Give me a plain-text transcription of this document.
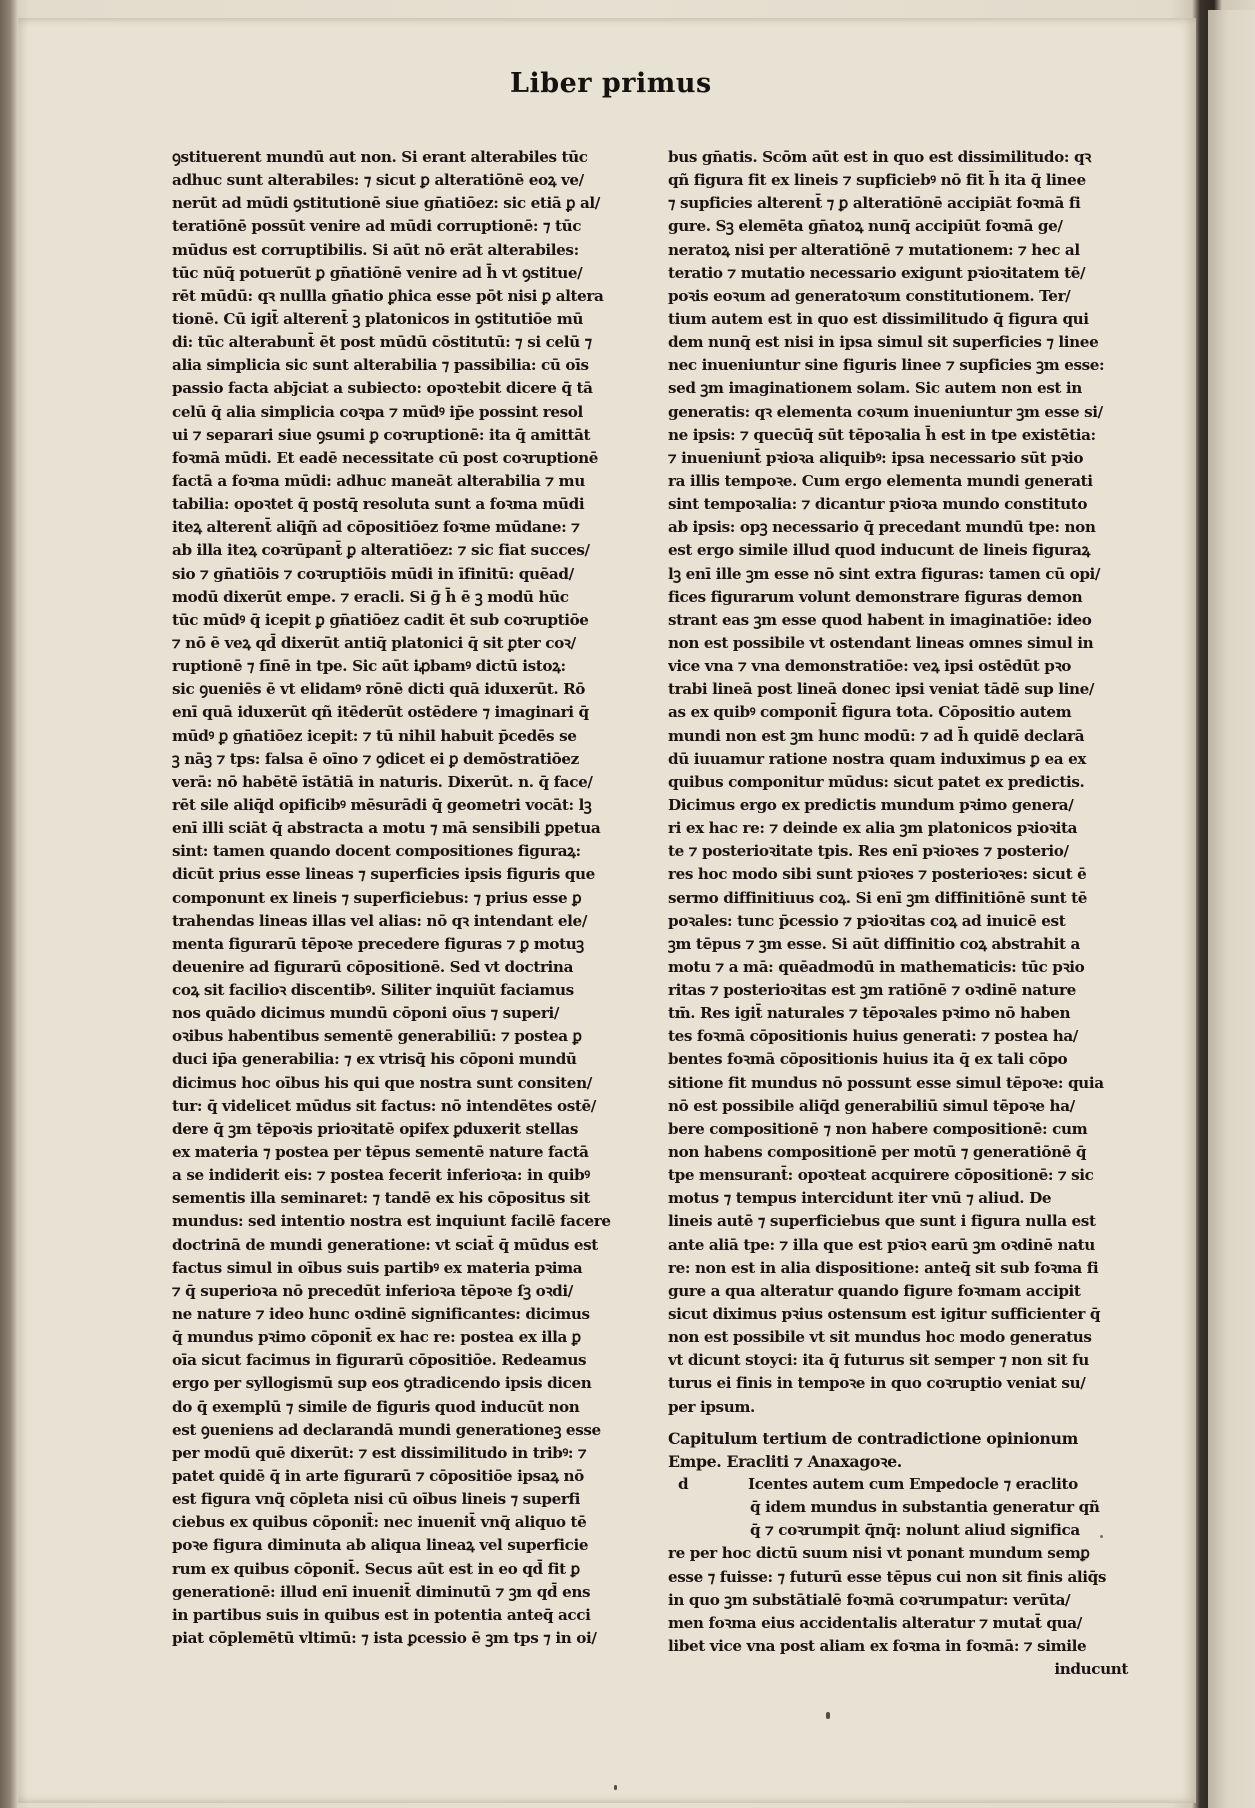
Liber primus
ꝯstituerent mundū aut non. Si erant alterabiles tūc
adhuc sunt alterabiles: ⁊ sicut ꝑ alteratiōnē eoꝝ ve/
nerūt ad mūdi ꝯstitutionē siue gn̄atiōez: sic etiā ꝑ al/
teratiōnē possūt venire ad mūdi corruptionē: ⁊ tūc
mūdus est corruptibilis. Si aūt nō erāt alterabiles:
tūc nūq̄ potuerūt ꝑ gn̄atiōnē venire ad h̄ vt ꝯstitue/
rēt mūdū: qꝛ nullla gn̄atio ꝑhica esse pōt nisi ꝑ altera
tionē. Cū igit̄ alterent̄ ꝫ platonicos in ꝯstitutiōe mū
di: tūc alterabunt̄ ēt post mūdū cōstitutū: ⁊ si celū ⁊
alia simplicia sic sunt alterabilia ⁊ passibilia: cū oīs
passio facta abȷ̄ciat a subiecto: opoꝛtebit dicere q̄ tā
celū q̄ alia simplicia coꝛpa ⁊ mūdꝰ ip̄e possint resol
ui ⁊ separari siue ꝯsumi ꝑ coꝛruptionē: ita q̄ amittāt
foꝛmā mūdi. Et eadē necessitate cū post coꝛruptionē
factā a foꝛma mūdi: adhuc maneāt alterabilia ⁊ mu
tabilia: opoꝛtet q̄ postq̄ resoluta sunt a foꝛma mūdi
iteꝝ alterent̄ aliq̄ñ ad cōpositiōez foꝛme mūdane: ⁊
ab illa iteꝝ coꝛrūpant̄ ꝑ alteratiōez: ⁊ sic fiat succes/
sio ⁊ gn̄atiōis ⁊ coꝛruptiōis mūdi in īfinitū: quēad/
modū dixerūt empe. ⁊ eracli. Si ḡ h̄ ē ꝫ modū hūc
tūc mūdꝰ q̄ icepit ꝑ gn̄atiōez cadit ēt sub coꝛruptiōe
⁊ nō ē veꝝ qd̄ dixerūt antiq̄ platonici q̄ sit ꝑter coꝛ/
ruptionē ⁊ fīnē in tpe. Sic aūt iꝓbamꝰ dictū istoꝝ:
sic ꝯueniēs ē vt elidamꝰ rōnē dicti quā iduxerūt. Rō
enī quā iduxerūt qñ itēderūt ostēdere ⁊ imaginari q̄
mūdꝰ ꝑ gn̄atiōez icepit: ⁊ tū nihil habuit p̄cedēs se
ꝫ nāꝫ ⁊ tps: falsa ē oīno ⁊ ꝯdicet ei ꝑ demōstratiōez
verā: nō habētē īstātiā in naturis. Dixerūt. n. q̄ face/
rēt sile aliq̄d opificibꝰ mēsurādi q̄ geometri vocāt: lꝫ
enī illi sciāt q̄ abstracta a motu ⁊ mā sensibili ꝑpetua
sint: tamen quando docent compositiones figuraꝝ:
dicūt prius esse lineas ⁊ superficies ipsis figuris que
componunt ex lineis ⁊ superficiebus: ⁊ prius esse ꝑ
trahendas lineas illas vel alias: nō qꝛ intendant ele/
menta figurarū tēpoꝛe precedere figuras ⁊ ꝑ motuꝫ
deuenire ad figurarū cōpositionē. Sed vt doctrina
coꝝ sit facilioꝛ discentibꝰ. Siliter inquiūt faciamus
nos quādo dicimus mundū cōponi oīus ⁊ superi/
oꝛibus habentibus sementē generabiliū: ⁊ postea ꝑ
duci ip̄a generabilia: ⁊ ex vtrisq̄ his cōponi mundū
dicimus hoc oībus his qui que nostra sunt consiten/
tur: q̄ videlicet mūdus sit factus: nō intendētes ostē/
dere q̄ ꝫm tēpoꝛis prioꝛitatē opifex ꝑduxerit stellas
ex materia ⁊ postea per tēpus sementē nature factā
a se indiderit eis: ⁊ postea fecerit inferioꝛa: in quibꝰ
sementis illa seminaret: ⁊ tandē ex his cōpositus sit
mundus: sed intentio nostra est inquiunt facilē facere
doctrinā de mundi generatione: vt sciat̄ q̄ mūdus est
factus simul in oībus suis partibꝰ ex materia pꝛima
⁊ q̄ superioꝛa nō precedūt inferioꝛa tēpoꝛe ſꝫ oꝛdi/
ne nature ⁊ ideo hunc oꝛdinē significantes: dicimus
q̄ mundus pꝛimo cōponit̄ ex hac re: postea ex illa ꝑ
oīa sicut facimus in figurarū cōpositiōe. Redeamus
ergo per syllogismū sup eos ꝯtradicendo ipsis dicen
do q̄ exemplū ⁊ simile de figuris quod inducūt non
est ꝯueniens ad declarandā mundi generationeꝫ esse
per modū quē dixerūt: ⁊ est dissimilitudo in tribꝰ: ⁊
patet quidē q̄ in arte figurarū ⁊ cōpositiōe ipsaꝝ nō
est figura vnq̄ cōpleta nisi cū oībus lineis ⁊ superfi
ciebus ex quibus cōponit̄: nec inuenit̄ vnq̄ aliquo tē
poꝛe figura diminuta ab aliqua lineaꝝ vel superficie
rum ex quibus cōponit̄. Secus aūt est in eo qd̄ fit ꝑ
generationē: illud enī inuenit̄ diminutū ⁊ ꝫm qd̄ ens
in partibus suis in quibus est in potentia anteq̄ acci
piat cōplemētū vltimū: ⁊ ista ꝑcessio ē ꝫm tps ⁊ in oi/
bus gn̄atis. Scōm aūt est in quo est dissimilitudo: qꝛ
qñ figura fit ex lineis ⁊ supficiebꝰ nō fit h̄ ita q̄ linee
⁊ supficies alterent̄ ⁊ ꝑ alteratiōnē accipiāt foꝛmā fi
gure. Sꝫ elemēta gn̄atoꝝ nunq̄ accipiūt foꝛmā ge/
neratoꝝ nisi per alteratiōnē ⁊ mutationem: ⁊ hec al
teratio ⁊ mutatio necessario exigunt pꝛioꝛitatem tē/
poꝛis eoꝛum ad generatoꝛum constitutionem. Ter/
tium autem est in quo est dissimilitudo q̄ figura qui
dem nunq̄ est nisi in ipsa simul sit superficies ⁊ linee
nec inueniuntur sine figuris linee ⁊ supficies ꝫm esse:
sed ꝫm imaginationem solam. Sic autem non est in
generatis: qꝛ elementa coꝛum inueniuntur ꝫm esse si/
ne ipsis: ⁊ quecūq̄ sūt tēpoꝛalia h̄ est in tpe existētia:
⁊ inueniunt̄ pꝛioꝛa aliquibꝰ: ipsa necessario sūt pꝛio
ra illis tempoꝛe. Cum ergo elementa mundi generati
sint tempoꝛalia: ⁊ dicantur pꝛioꝛa mundo constituto
ab ipsis: opꝫ necessario q̄ precedant mundū tpe: non
est ergo simile illud quod inducunt de lineis figuraꝝ
lꝫ enī ille ꝫm esse nō sint extra figuras: tamen cū opi/
fices figurarum volunt demonstrare figuras demon
strant eas ꝫm esse quod habent in imaginatiōe: ideo
non est possibile vt ostendant lineas omnes simul in
vice vna ⁊ vna demonstratiōe: veꝝ ipsi ostēdūt pꝛo
trabi lineā post lineā donec ipsi veniat tādē sup line/
as ex quibꝰ componit̄ figura tota. Cōpositio autem
mundi non est ꝫm hunc modū: ⁊ ad h̄ quidē declarā
dū iuuamur ratione nostra quam induximus ꝑ ea ex
quibus componitur mūdus: sicut patet ex predictis.
Dicimus ergo ex predictis mundum pꝛimo genera/
ri ex hac re: ⁊ deinde ex alia ꝫm platonicos pꝛioꝛita
te ⁊ posterioꝛitate tpis. Res enī pꝛioꝛes ⁊ posterio/
res hoc modo sibi sunt pꝛioꝛes ⁊ posterioꝛes: sicut ē
sermo diffinitiuus coꝝ. Si enī ꝫm diffinitiōnē sunt tē
poꝛales: tunc p̄cessio ⁊ pꝛioꝛitas coꝝ ad inuicē est
ꝫm tēpus ⁊ ꝫm esse. Si aūt diffinitio coꝝ abstrahit a
motu ⁊ a mā: quēadmodū in mathematicis: tūc pꝛio
ritas ⁊ posterioꝛitas est ꝫm ratiōnē ⁊ oꝛdinē nature
tm̄. Res igit̄ naturales ⁊ tēpoꝛales pꝛimo nō haben
tes foꝛmā cōpositionis huius generati: ⁊ postea ha/
bentes foꝛmā cōpositionis huius ita q̄ ex tali cōpo
sitione fit mundus nō possunt esse simul tēpoꝛe: quia
nō est possibile aliq̄d generabiliū simul tēpoꝛe ha/
bere compositionē ⁊ non habere compositionē: cum
non habens compositionē per motū ⁊ generatiōnē q̄
tpe mensurant̄: opoꝛteat acquirere cōpositionē: ⁊ sic
motus ⁊ tempus intercidunt iter vnū ⁊ aliud. De
lineis autē ⁊ superficiebus que sunt i figura nulla est
ante aliā tpe: ⁊ illa que est pꝛioꝛ earū ꝫm oꝛdinē natu
re: non est in alia dispositione: anteq̄ sit sub foꝛma fi
gure a qua alteratur quando figure foꝛmam accipit
sicut diximus pꝛius ostensum est igitur sufficienter q̄
non est possibile vt sit mundus hoc modo generatus
vt dicunt stoyci: ita q̄ futurus sit semper ⁊ non sit fu
turus ei finis in tempoꝛe in quo coꝛruptio veniat su/
per ipsum.
Capitulum tertium de contradictione opinionum
Empe. Eracliti ⁊ Anaxagoꝛe.
d	Icentes autem cum Empedocle ⁊ eraclito
q̄ idem mundus in substantia generatur qñ
q̄ ⁊ coꝛrumpit q̄nq̄: nolunt aliud significa
re per hoc dictū suum nisi vt ponant mundum semꝑ
esse ⁊ fuisse: ⁊ futurū esse tēpus cui non sit finis aliq̄s
in quo ꝫm substātialē foꝛmā coꝛrumpatur: verūta/
men foꝛma eius accidentalis alteratur ⁊ mutat̄ qua/
libet vice vna post aliam ex foꝛma in foꝛmā: ⁊ simile
inducunt
